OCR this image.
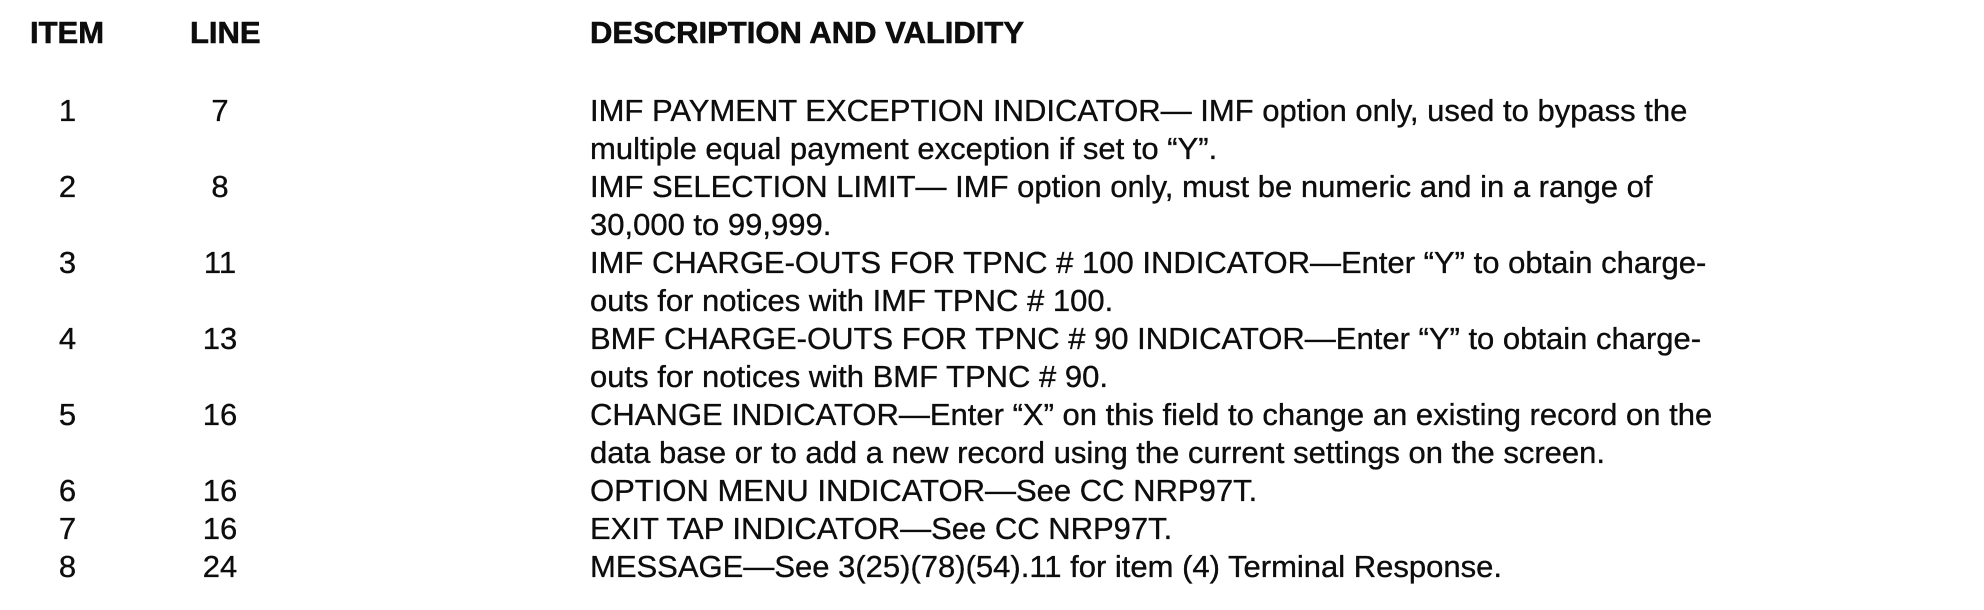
ITEM	LINE	DESCRIPTION AND VALIDITY
1	7	IMF PAYMENT EXCEPTION INDICATOR— IMF option only, used to bypass the
multiple equal payment exception if set to “Y”.
2	8	IMF SELECTION LIMIT— IMF option only, must be numeric and in a range of
30,000 to 99,999.
3	11	IMF CHARGE-OUTS FOR TPNC # 100 INDICATOR—Enter “Y” to obtain charge-
outs for notices with IMF TPNC # 100.
4	13	BMF CHARGE-OUTS FOR TPNC # 90 INDICATOR—Enter “Y” to obtain charge-
outs for notices with BMF TPNC # 90.
5	16	CHANGE INDICATOR—Enter “X” on this field to change an existing record on the
data base or to add a new record using the current settings on the screen.
6	16	OPTION MENU INDICATOR—See CC NRP97T.
7	16	EXIT TAP INDICATOR—See CC NRP97T.
8	24	MESSAGE—See 3(25)(78)(54).11 for item (4) Terminal Response.
